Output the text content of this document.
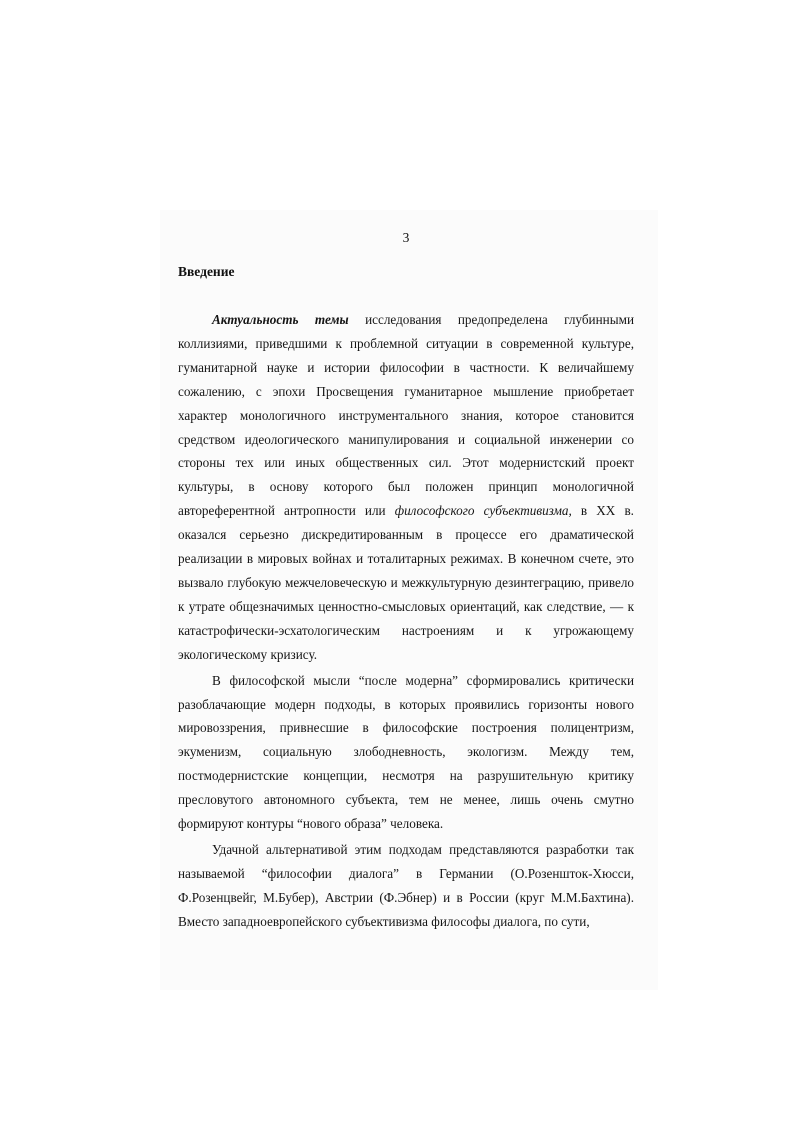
3
Введение

Актуальность темы исследования предопределена глубинными коллизиями, приведшими к проблемной ситуации в современной культуре, гуманитарной науке и истории философии в частности. К величайшему сожалению, с эпохи Просвещения гуманитарное мышление приобретает характер монологичного инструментального знания, которое становится средством идеологического манипулирования и социальной инженерии со стороны тех или иных общественных сил. Этот модернистский проект культуры, в основу которого был положен принцип монологичной автореферентной антропности или философского субъективизма, в XX в. оказался серьезно дискредитированным в процессе его драматической реализации в мировых войнах и тоталитарных режимах. В конечном счете, это вызвало глубокую межчеловеческую и межкультурную дезинтеграцию, привело к утрате общезначимых ценностно-смысловых ориентаций, как следствие, — к катастрофически-эсхатологическим настроениям и к угрожающему экологическому кризису.

В философской мысли “после модерна” сформировались критически разоблачающие модерн подходы, в которых проявились горизонты нового мировоззрения, привнесшие в философские построения полицентризм, экуменизм, социальную злободневность, экологизм. Между тем, постмодернистские концепции, несмотря на разрушительную критику пресловутого автономного субъекта, тем не менее, лишь очень смутно формируют контуры “нового образа” человека.

Удачной альтернативой этим подходам представляются разработки так называемой “философии диалога” в Германии (О.Розеншток-Хюсси, Ф.Розенцвейг, М.Бубер), Австрии (Ф.Эбнер) и в России (круг М.М.Бахтина). Вместо западноевропейского субъективизма философы диалога, по сути,
